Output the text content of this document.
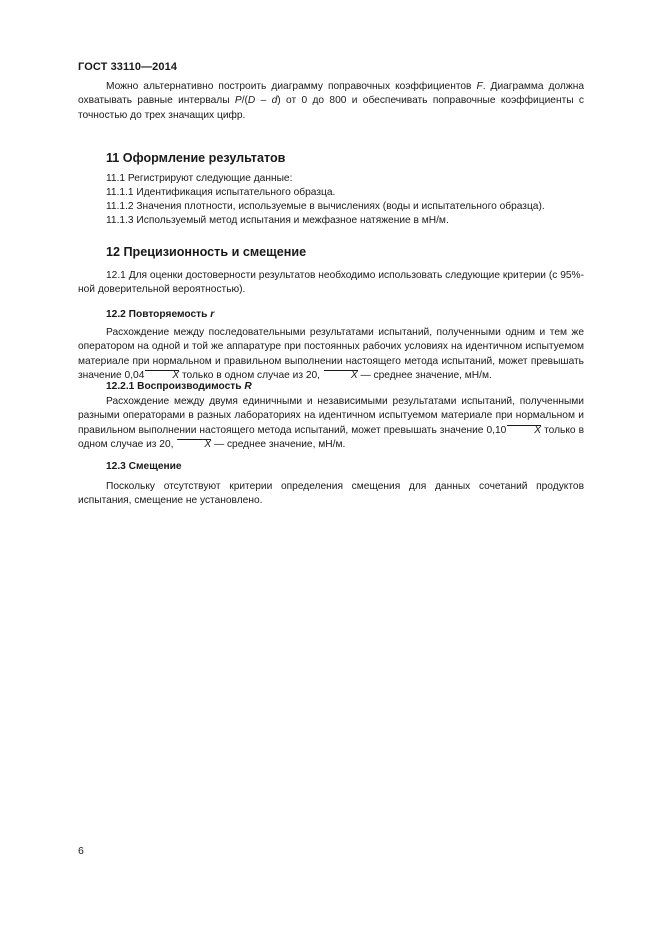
ГОСТ 33110—2014

Можно альтернативно построить диаграмму поправочных коэффициентов F. Диаграмма должна охватывать равные интервалы P/(D – d) от 0 до 800 и обеспечивать поправочные коэффициенты с точностью до трех значащих цифр.

11 Оформление результатов
11.1 Регистрируют следующие данные:
11.1.1 Идентификация испытательного образца.
11.1.2 Значения плотности, используемые в вычислениях (воды и испытательного образца).
11.1.3 Используемый метод испытания и межфазное натяжение в мН/м.
12 Прецизионность и смещение

12.1 Для оценки достоверности результатов необходимо использовать следующие критерии (с 95%-ной доверительной вероятностью).

12.2 Повторяемость r

Расхождение между последовательными результатами испытаний, полученными одним и тем же оператором на одной и той же аппаратуре при постоянных рабочих условиях на идентичном испытуемом материале при нормальном и правильном выполнении настоящего метода испытаний, может превышать значение 0,04	X только в одном случае из 20,	X — среднее значение, мН/м.

12.2.1 Воспроизводимость R

Расхождение между двумя единичными и независимыми результатами испытаний, полученными разными операторами в разных лабораториях на идентичном испытуемом материале при нормальном и правильном выполнении настоящего метода испытаний, может превышать значение 0,10	X только в одном случае из 20,	X — среднее значение, мН/м.

12.3 Смещение

Поскольку отсутствуют критерии определения смещения для данных сочетаний продуктов испытания, смещение не установлено.

6
